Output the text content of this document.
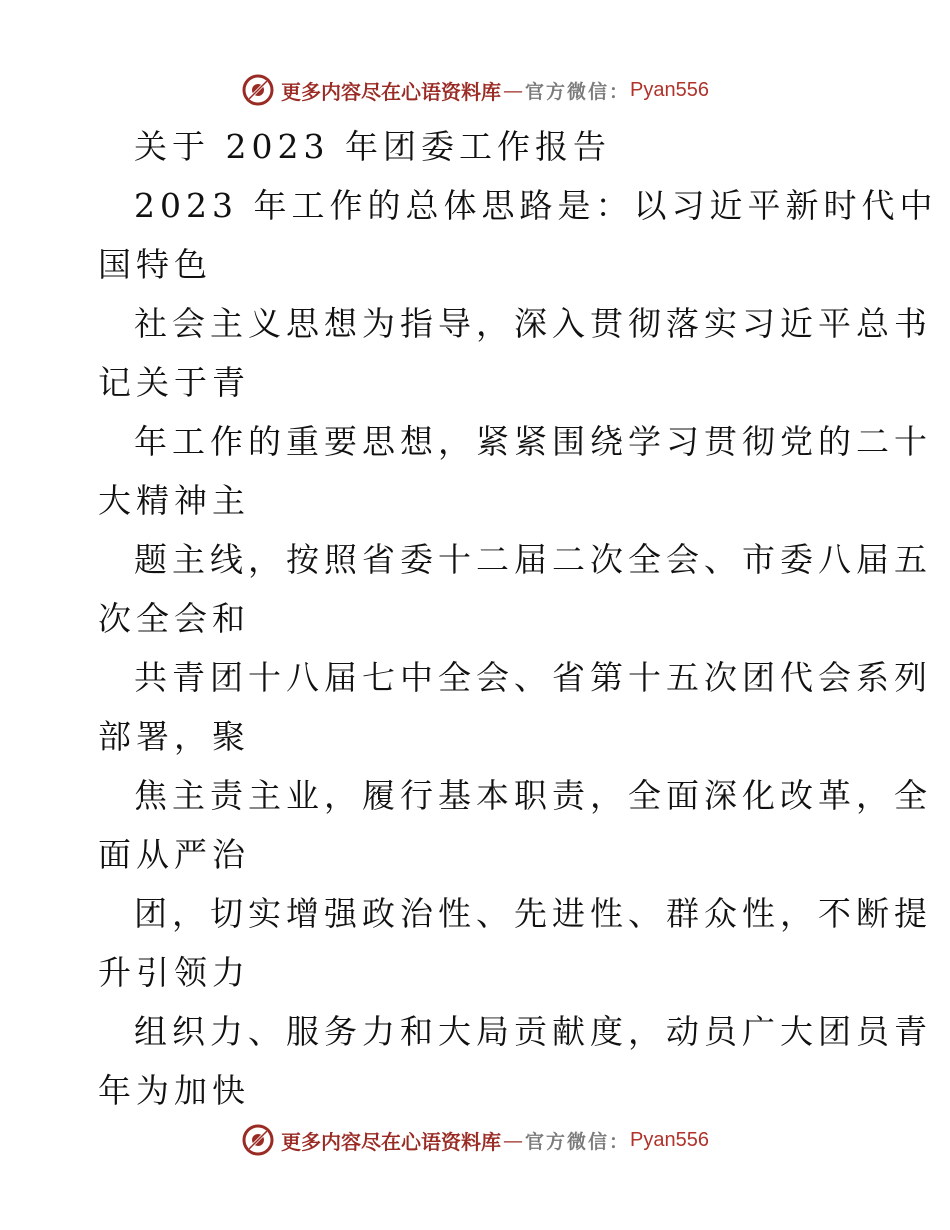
更多内容尽在心语资料库 — 官方微信： Pyan556
关于 2023 年团委工作报告
2023 年工作的总体思路是：以习近平新时代中
国特色
社会主义思想为指导，深入贯彻落实习近平总书
记关于青
年工作的重要思想，紧紧围绕学习贯彻党的二十
大精神主
题主线，按照省委十二届二次全会、市委八届五
次全会和
共青团十八届七中全会、省第十五次团代会系列
部署，聚
焦主责主业，履行基本职责，全面深化改革，全
面从严治
团，切实增强政治性、先进性、群众性，不断提
升引领力
组织力、服务力和大局贡献度，动员广大团员青
年为加快
更多内容尽在心语资料库 — 官方微信： Pyan556
